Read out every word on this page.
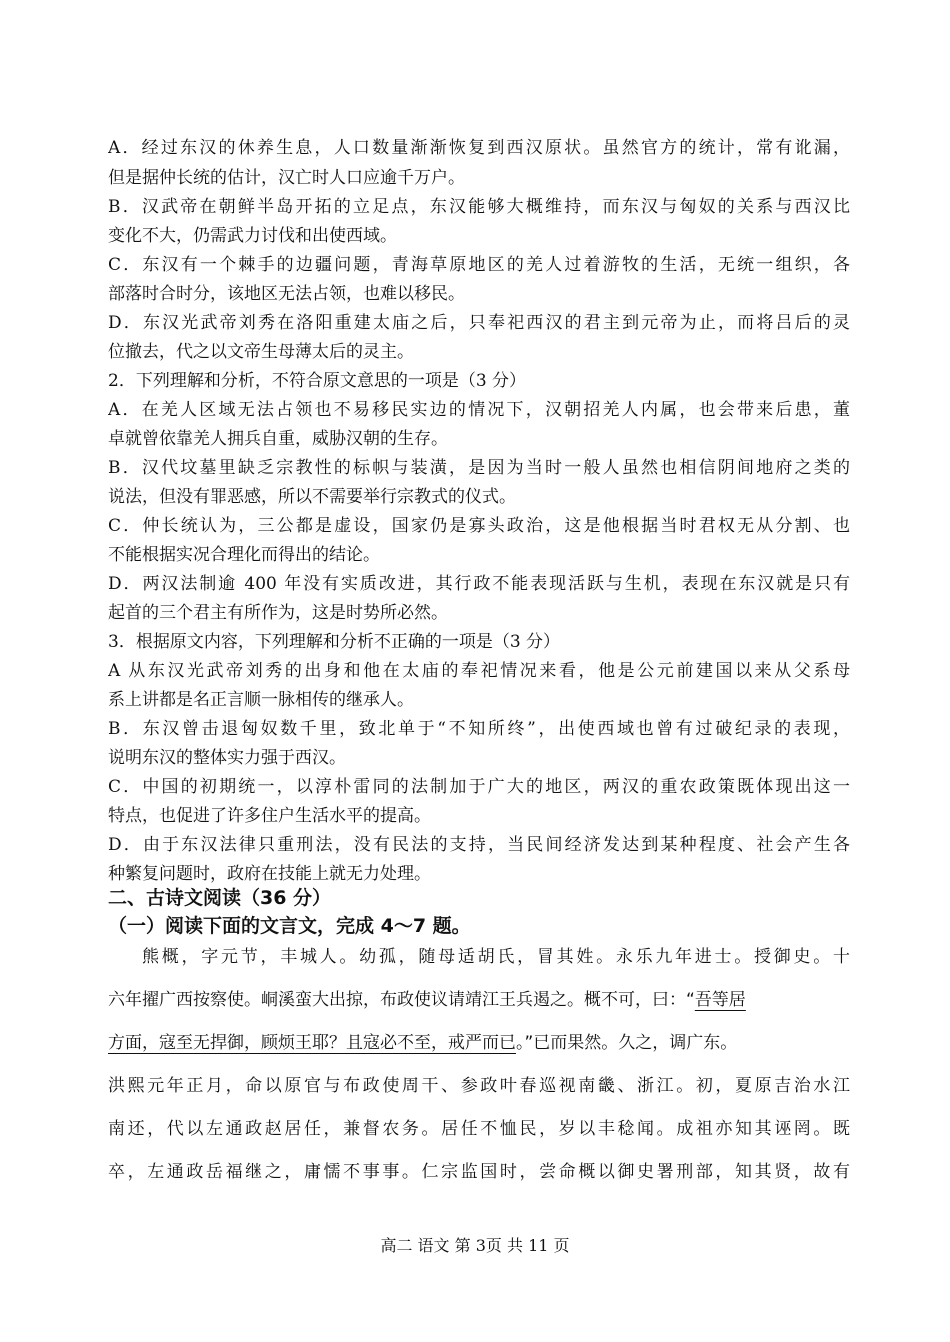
A．经过东汉的休养生息，人口数量渐渐恢复到西汉原状。虽然官方的统计，常有讹漏，
但是据仲长统的估计，汉亡时人口应逾千万户。
B．汉武帝在朝鲜半岛开拓的立足点，东汉能够大概维持，而东汉与匈奴的关系与西汉比
变化不大，仍需武力讨伐和出使西域。
C．东汉有一个棘手的边疆问题，青海草原地区的羌人过着游牧的生活，无统一组织，各
部落时合时分，该地区无法占领，也难以移民。
D．东汉光武帝刘秀在洛阳重建太庙之后，只奉祀西汉的君主到元帝为止，而将吕后的灵
位撤去，代之以文帝生母薄太后的灵主。
2．下列理解和分析，不符合原文意思的一项是（3 分）
A．在羌人区域无法占领也不易移民实边的情况下，汉朝招羌人内属，也会带来后患，董
卓就曾依靠羌人拥兵自重，威胁汉朝的生存。
B．汉代坟墓里缺乏宗教性的标帜与装潢，是因为当时一般人虽然也相信阴间地府之类的
说法，但没有罪恶感，所以不需要举行宗教式的仪式。
C．仲长统认为，三公都是虚设，国家仍是寡头政治，这是他根据当时君权无从分割、也
不能根据实况合理化而得出的结论。
D．两汉法制逾 400 年没有实质改进，其行政不能表现活跃与生机，表现在东汉就是只有
起首的三个君主有所作为，这是时势所必然。
3．根据原文内容，下列理解和分析不正确的一项是（3 分）
A 从东汉光武帝刘秀的出身和他在太庙的奉祀情况来看，他是公元前建国以来从父系母
系上讲都是名正言顺一脉相传的继承人。
B．东汉曾击退匈奴数千里，致北单于“不知所终”，出使西域也曾有过破纪录的表现，
说明东汉的整体实力强于西汉。
C．中国的初期统一，以淳朴雷同的法制加于广大的地区，两汉的重农政策既体现出这一
特点，也促进了许多住户生活水平的提高。
D．由于东汉法律只重刑法，没有民法的支持，当民间经济发达到某种程度、社会产生各
种繁复问题时，政府在技能上就无力处理。
二、古诗文阅读（36 分）
（一）阅读下面的文言文，完成 4～7 题。
熊概，字元节，丰城人。幼孤，随母适胡氏，冒其姓。永乐九年进士。授御史。十
六年擢广西按察使。峒溪蛮大出掠，布政使议请靖江王兵遏之。概不可，曰：“吾等居
方面，寇至无捍御，顾烦王耶？且寇必不至，戒严而已。”已而果然。久之，调广东。
洪熙元年正月，命以原官与布政使周干、参政叶春巡视南畿、浙江。初，夏原吉治水江
南还，代以左通政赵居任，兼督农务。居任不恤民，岁以丰稔闻。成祖亦知其诬罔。既
卒，左通政岳福继之，庸懦不事事。仁宗监国时，尝命概以御史署刑部，知其贤，故有
高二 语文 第 3页 共 11 页
